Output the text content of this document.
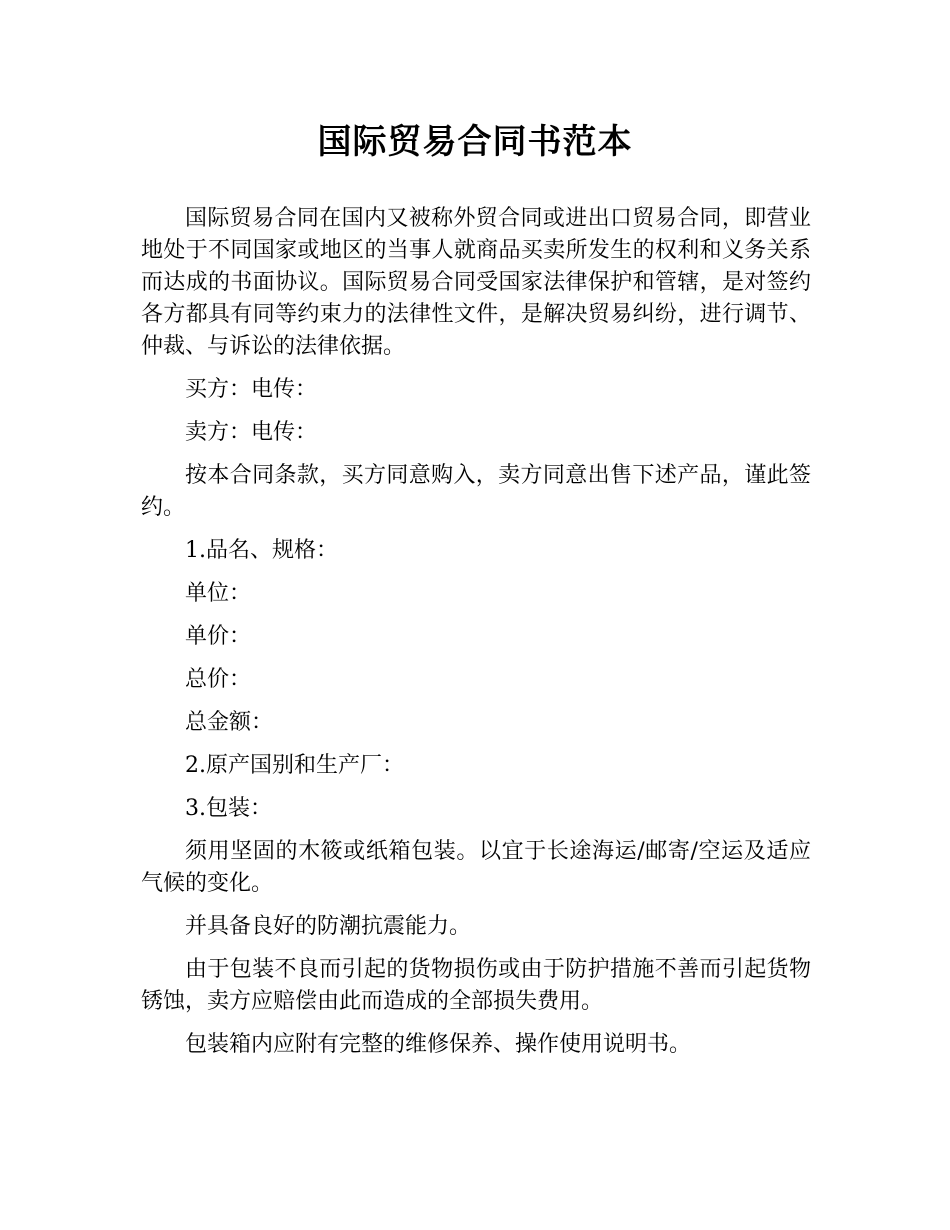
国际贸易合同书范本

国际贸易合同在国内又被称外贸合同或进出口贸易合同，即营业地处于不同国家或地区的当事人就商品买卖所发生的权利和义务关系而达成的书面协议。国际贸易合同受国家法律保护和管辖，是对签约各方都具有同等约束力的法律性文件，是解决贸易纠纷，进行调节、仲裁、与诉讼的法律依据。

买方：电传：

卖方：电传：

按本合同条款，买方同意购入，卖方同意出售下述产品，谨此签约。

1.品名、规格：

单位：

单价：

总价：

总金额：

2.原产国别和生产厂：

3.包装：

须用坚固的木筱或纸箱包装。以宜于长途海运/邮寄/空运及适应气候的变化。

并具备良好的防潮抗震能力。

由于包装不良而引起的货物损伤或由于防护措施不善而引起货物锈蚀，卖方应赔偿由此而造成的全部损失费用。

包装箱内应附有完整的维修保养、操作使用说明书。
